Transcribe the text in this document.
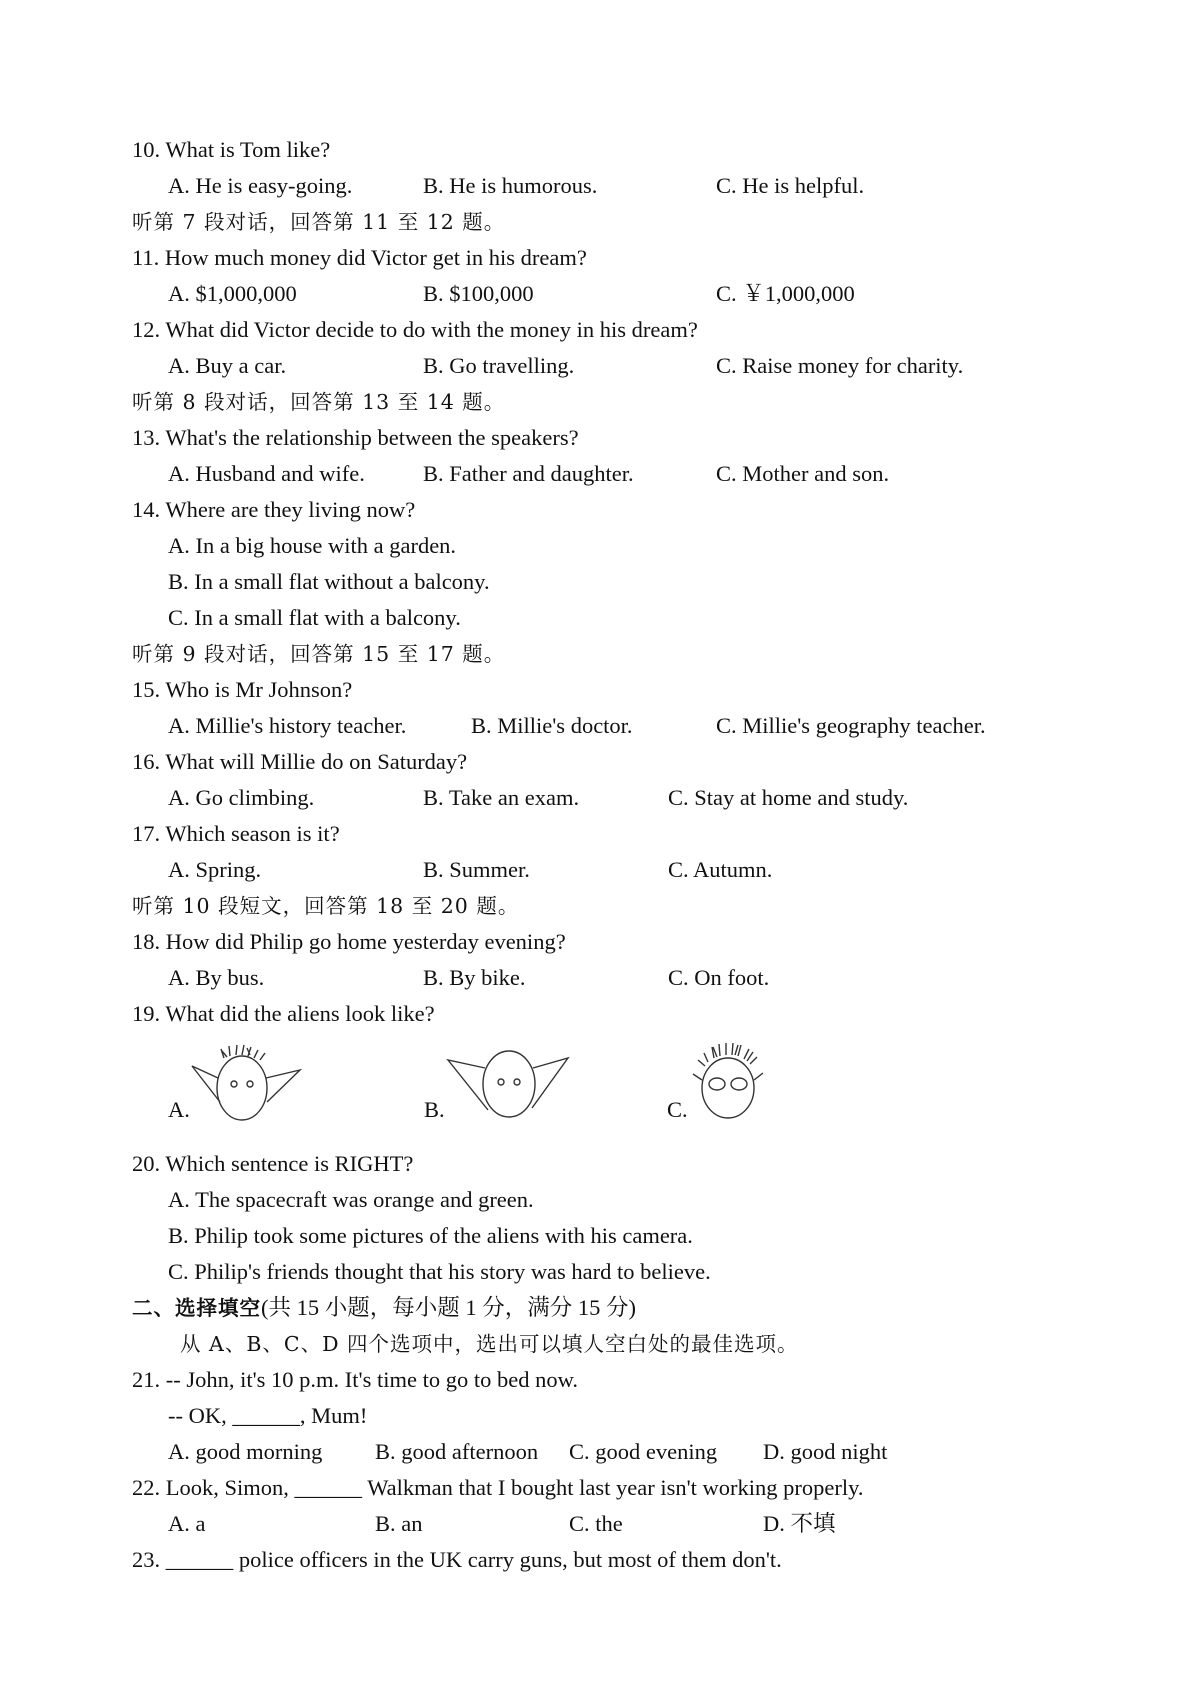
10. What is Tom like?
A. He is easy-going.	B. He is humorous.	C. He is helpful.
听第 7 段对话，回答第 11 至 12 题。
11. How much money did Victor get in his dream?
A. $1,000,000	B. $100,000	C. ￥1,000,000
12. What did Victor decide to do with the money in his dream?
A. Buy a car.	B. Go travelling.	C. Raise money for charity.
听第 8 段对话，回答第 13 至 14 题。
13. What's the relationship between the speakers?
A. Husband and wife.	B. Father and daughter.	C. Mother and son.
14. Where are they living now?
A. In a big house with a garden.
B. In a small flat without a balcony.
C. In a small flat with a balcony.
听第 9 段对话，回答第 15 至 17 题。
15. Who is Mr Johnson?
A. Millie's history teacher.	B. Millie's doctor.	C. Millie's geography teacher.
16. What will Millie do on Saturday?
A. Go climbing.	B. Take an exam.	C. Stay at home and study.
17. Which season is it?
A. Spring.	B. Summer.	C. Autumn.
听第 10 段短文，回答第 18 至 20 题。
18. How did Philip go home yesterday evening?
A. By bus.	B. By bike.	C. On foot.
19. What did the aliens look like?
A.	B.	C.
20. Which sentence is RIGHT?
A. The spacecraft was orange and green.
B. Philip took some pictures of the aliens with his camera.
C. Philip's friends thought that his story was hard to believe.
二、选择填空(共 15 小题，每小题 1 分，满分 15 分)
从 A、B、C、D 四个选项中，选出可以填人空白处的最佳选项。
21. -- John, it's 10 p.m. It's time to go to bed now.
-- OK, ______, Mum!
A. good morning B. good afternoon C. good evening D. good night
22. Look, Simon, ______ Walkman that I bought last year isn't working properly.
A. a	B. an	C. the	D. 不填
23. ______ police officers in the UK carry guns, but most of them don't.
